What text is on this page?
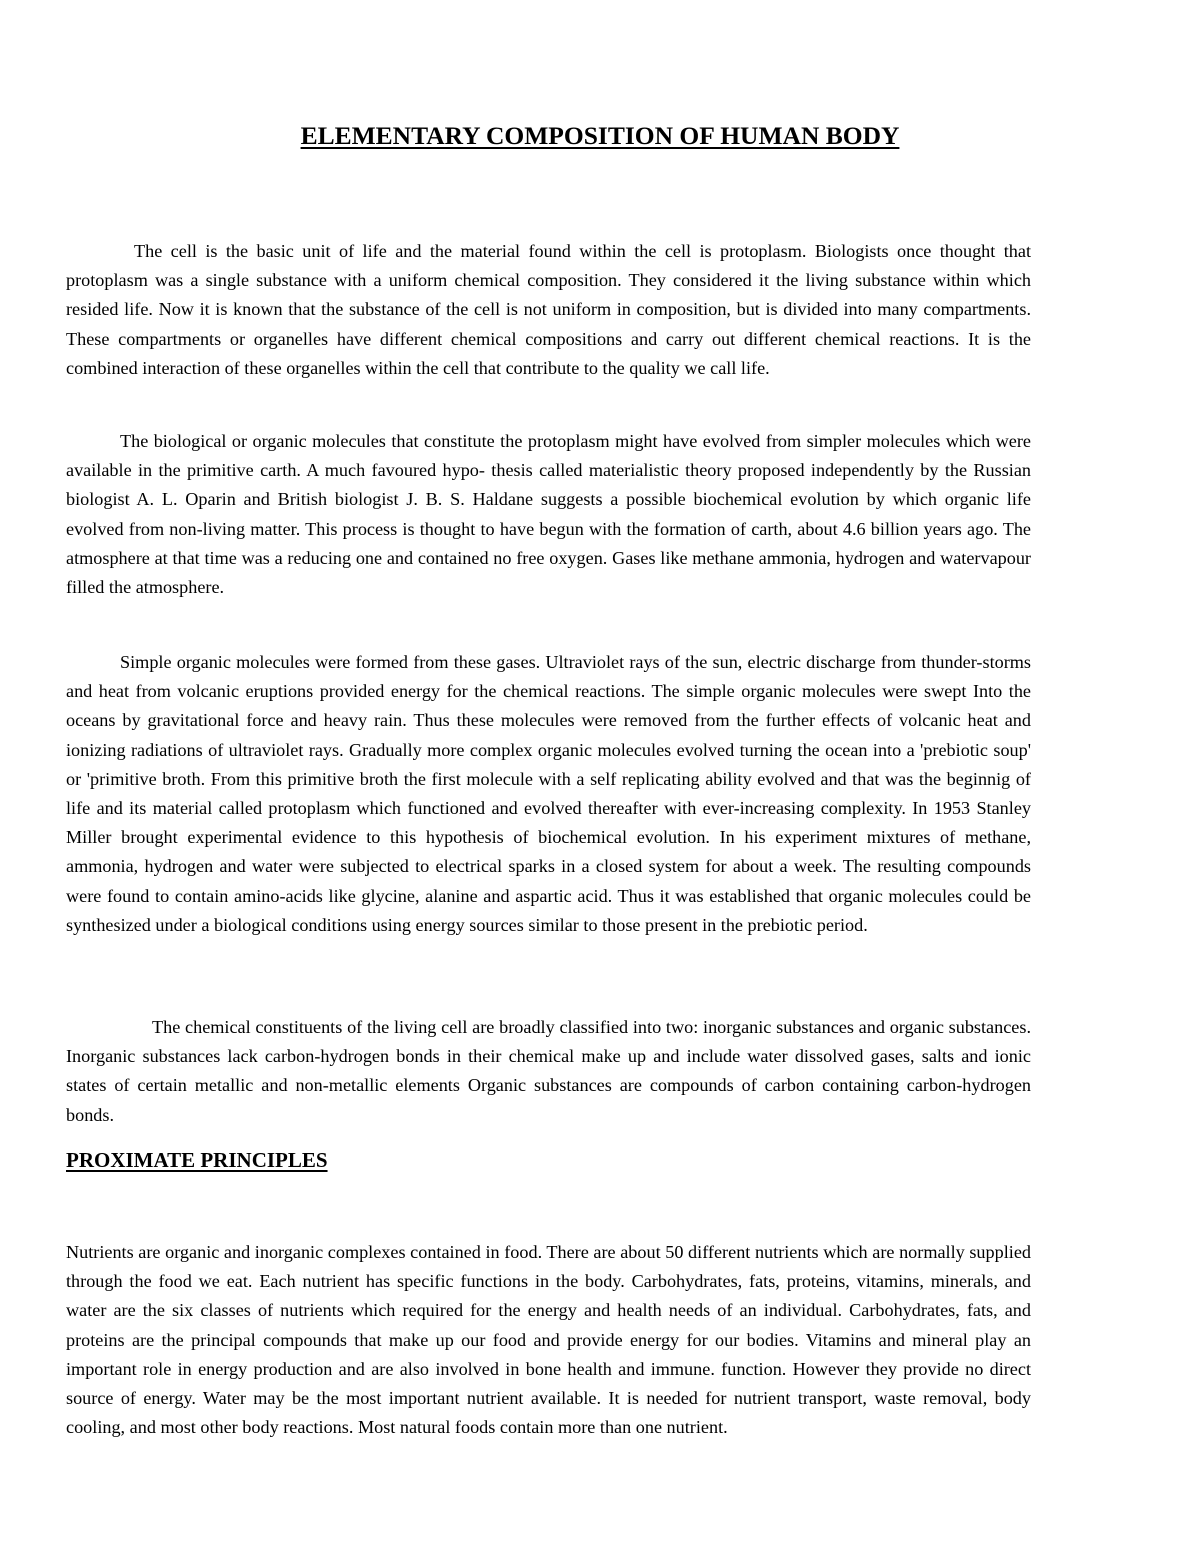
ELEMENTARY COMPOSITION OF HUMAN BODY

The cell is the basic unit of life and the material found within the cell is protoplasm. Biologists once thought that protoplasm was a single substance with a uniform chemical composition. They considered it the living substance within which resided life. Now it is known that the substance of the cell is not uniform in composition, but is divided into many compartments. These compartments or organelles have different chemical compositions and carry out different chemical reactions. It is the combined interaction of these organelles within the cell that contribute to the quality we call life.

The biological or organic molecules that constitute the protoplasm might have evolved from simpler molecules which were available in the primitive carth. A much favoured hypo- thesis called materialistic theory proposed independently by the Russian biologist A. L. Oparin and British biologist J. B. S. Haldane suggests a possible biochemical evolution by which organic life evolved from non-living matter. This process is thought to have begun with the formation of carth, about 4.6 billion years ago. The atmosphere at that time was a reducing one and contained no free oxygen. Gases like methane ammonia, hydrogen and watervapour filled the atmosphere.

Simple organic molecules were formed from these gases. Ultraviolet rays of the sun, electric discharge from thunder-storms and heat from volcanic eruptions provided energy for the chemical reactions. The simple organic molecules were swept Into the oceans by gravitational force and heavy rain. Thus these molecules were removed from the further effects of volcanic heat and ionizing radiations of ultraviolet rays. Gradually more complex organic molecules evolved turning the ocean into a 'prebiotic soup' or 'primitive broth. From this primitive broth the first molecule with a self replicating ability evolved and that was the beginnig of life and its material called protoplasm which functioned and evolved thereafter with ever-increasing complexity. In 1953 Stanley Miller brought experimental evidence to this hypothesis of biochemical evolution. In his experiment mixtures of methane, ammonia, hydrogen and water were subjected to electrical sparks in a closed system for about a week. The resulting compounds were found to contain amino-acids like glycine, alanine and aspartic acid. Thus it was established that organic molecules could be synthesized under a biological conditions using energy sources similar to those present in the prebiotic period.

The chemical constituents of the living cell are broadly classified into two: inorganic substances and organic substances. Inorganic substances lack carbon-hydrogen bonds in their chemical make up and include water dissolved gases, salts and ionic states of certain metallic and non-metallic elements Organic substances are compounds of carbon containing carbon-hydrogen bonds.

PROXIMATE PRINCIPLES

Nutrients are organic and inorganic complexes contained in food. There are about 50 different nutrients which are normally supplied through the food we eat. Each nutrient has specific functions in the body. Carbohydrates, fats, proteins, vitamins, minerals, and water are the six classes of nutrients which required for the energy and health needs of an individual. Carbohydrates, fats, and proteins are the principal compounds that make up our food and provide energy for our bodies. Vitamins and mineral play an important role in energy production and are also involved in bone health and immune. function. However they provide no direct source of energy. Water may be the most important nutrient available. It is needed for nutrient transport, waste removal, body cooling, and most other body reactions. Most natural foods contain more than one nutrient.
